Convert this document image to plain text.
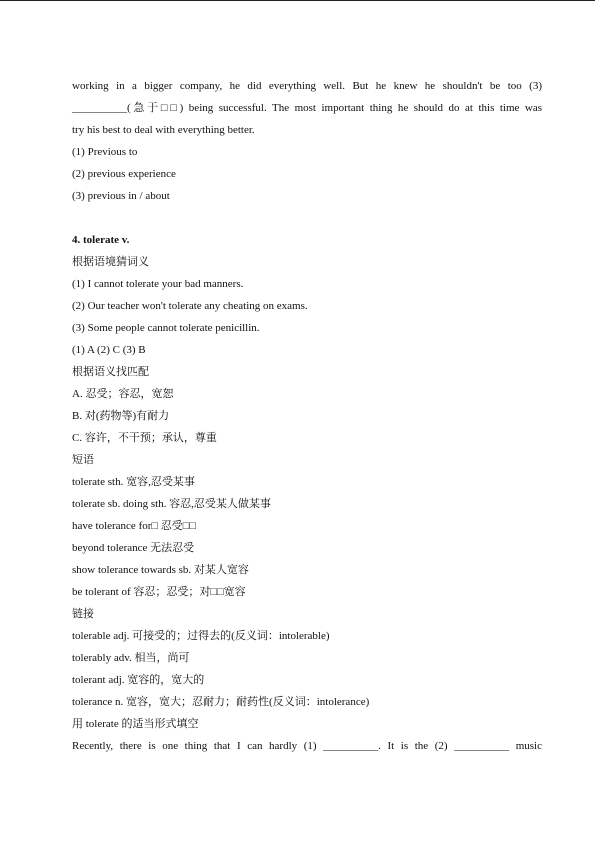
working in a bigger company, he did everything well. But he knew he shouldn't be too (3)
__________(急于□□) being successful. The most important thing he should do at this time was
try his best to deal with everything better.
(1) Previous to
(2) previous experience
(3) previous in / about
4. tolerate v.
根据语境猜词义
(1) I cannot tolerate your bad manners.
(2) Our teacher won't tolerate any cheating on exams.
(3) Some people cannot tolerate penicillin.
(1) A (2) C (3) B
根据语义找匹配
A. 忍受；容忍，宽恕
B. 对(药物等)有耐力
C. 容许，不干预；承认，尊重
短语
tolerate sth. 宽容,忍受某事
tolerate sb. doing sth. 容忍,忍受某人做某事
have tolerance for□ 忍受□□
beyond tolerance 无法忍受
show tolerance towards sb. 对某人宽容
be tolerant of 容忍；忍受；对□□宽容
链接
tolerable adj. 可接受的；过得去的(反义词：intolerable)
tolerably adv. 相当，尚可
tolerant adj. 宽容的，宽大的
tolerance n. 宽容，宽大；忍耐力；耐药性(反义词：intolerance)
用 tolerate 的适当形式填空
Recently, there is one thing that I can hardly (1) __________. It is the (2) __________ music
